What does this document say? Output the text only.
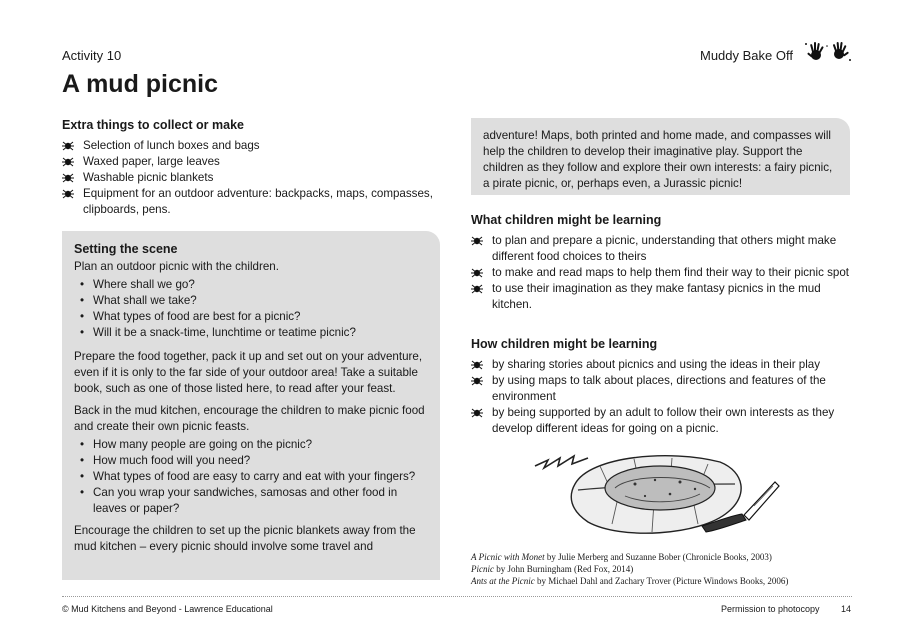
Activity 10
A mud picnic
Muddy Bake Off
Extra things to collect or make
Selection of lunch boxes and bags
Waxed paper, large leaves
Washable picnic blankets
Equipment for an outdoor adventure: backpacks, maps, compasses, clipboards, pens.
Setting the scene

Plan an outdoor picnic with the children.

• Where shall we go?
• What shall we take?
• What types of food are best for a picnic?
• Will it be a snack-time, lunchtime or teatime picnic?

Prepare the food together, pack it up and set out on your adventure, even if it is only to the far side of your outdoor area! Take a suitable book, such as one of those listed here, to read after your feast.

Back in the mud kitchen, encourage the children to make picnic food and create their own picnic feasts.

• How many people are going on the picnic?
• How much food will you need?
• What types of food are easy to carry and eat with your fingers?
• Can you wrap your sandwiches, samosas and other food in leaves or paper?

Encourage the children to set up the picnic blankets away from the mud kitchen – every picnic should involve some travel and

adventure! Maps, both printed and home made, and compasses will help the children to develop their imaginative play. Support the children as they follow and explore their own interests: a fairy picnic, a pirate picnic, or, perhaps even, a Jurassic picnic!
What children might be learning
to plan and prepare a picnic, understanding that others might make different food choices to theirs
to make and read maps to help them find their way to their picnic spot
to use their imagination as they make fantasy picnics in the mud kitchen.
How children might be learning
by sharing stories about picnics and using the ideas in their play
by using maps to talk about places, directions and features of the environment
by being supported by an adult to follow their own interests as they develop different ideas for going on a picnic.
A Picnic with Monet by Julie Merberg and Suzanne Bober (Chronicle Books, 2003)
Picnic by John Burningham (Red Fox, 2014)
Ants at the Picnic by Michael Dahl and Zachary Trover (Picture Windows Books, 2006)
© Mud Kitchens and Beyond - Lawrence Educational	Permission to photocopy 14
